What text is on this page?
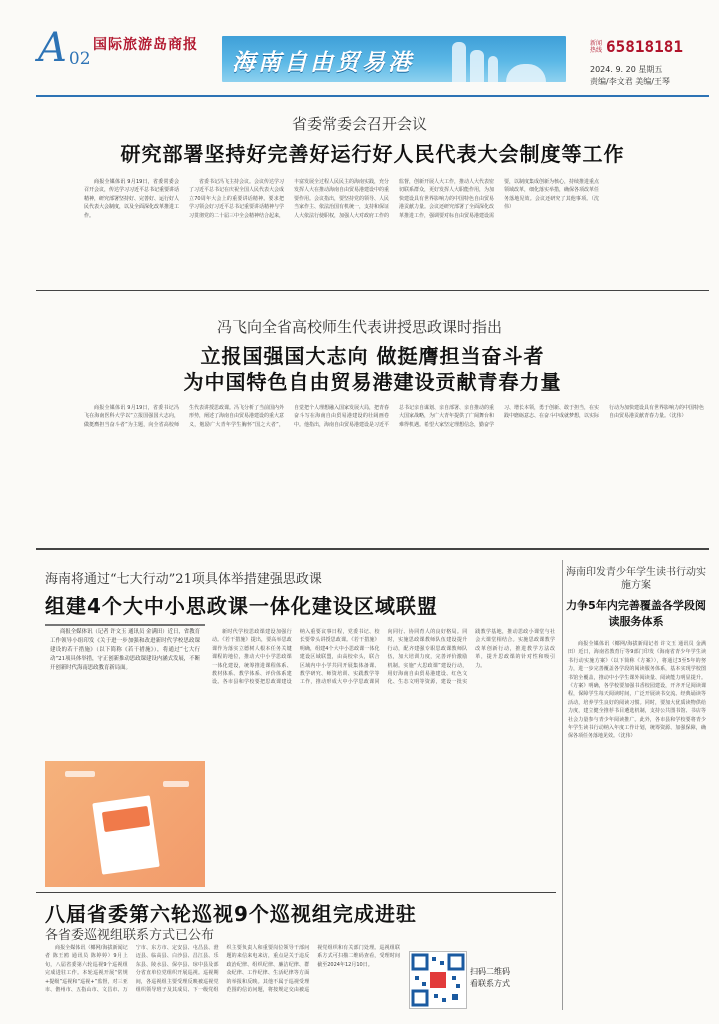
A 02
国际旅游岛商报
海南自由贸易港
新闻热线 65818181
2024. 9. 20 星期五
责编/李文君 美编/王琴
省委常委会召开会议
研究部署坚持好完善好运行好人民代表大会制度等工作

商报全媒体讯 9月19日，省委常委会召开会议，传达学习习近平总书记重要讲话精神，研究部署坚持好、完善好、运行好人民代表大会制度，以及全面深化改革推进工作。

省委书记冯飞主持会议。会议传达学习了习近平总书记在庆祝全国人民代表大会成立70周年大会上的重要讲话精神。要求把学习领会好习近平总书记重要讲话精神与学习贯彻党的二十届三中全会精神结合起来，丰富发展全过程人民民主的海南实践，充分发挥人大在推动海南自由贸易港建设中的重要作用。会议指出，要坚持党的领导、人民当家作主、依法治国有机统一，支持和保证人大依法行使职权，加强人大对政府工作的监督，创新开展人大工作，推动人大代表密切联系群众，更好发挥人大职能作用，为加快建设具有世界影响力的中国特色自由贸易港贡献力量。会议还研究部署了全面深化改革推进工作，强调要对标自由贸易港建设需要，以制度集成创新为核心，持续推进重点领域改革，细化落实举措，确保各项改革任务落地见效。会议还研究了其他事项。（沈伟）

冯飞向全省高校师生代表讲授思政课时指出
立报国强国大志向 做挺膺担当奋斗者
为中国特色自由贸易港建设贡献青春力量

商报全媒体讯 9月19日，省委书记冯飞在海南医科大学以“立报国强国大志向，做挺膺担当奋斗者”为主题，向全省高校师生代表讲授思政课。冯飞分析了当前国内外形势，阐述了海南自由贸易港建设的重大意义，勉励广大青年学生胸怀“国之大者”，自觉把个人理想融入国家发展大局，把青春奋斗写在海南自由贸易港建设的壮阔画卷中。他指出，海南自由贸易港建设是习近平总书记亲自谋划、亲自部署、亲自推动的重大国家战略，为广大青年提供了广阔舞台和难得机遇。希望大家坚定理想信念，勤奋学习、增长本领，勇于创新、敢于担当，在实践中磨砺意志、在奋斗中成就梦想，以实际行动为加快建设具有世界影响力的中国特色自由贸易港贡献青春力量。（沈伟）

海南将通过“七大行动”21项具体举措建强思政课
组建4个大中小思政课一体化建设区域联盟

商报全媒体讯（记者 许文玉 通讯员 金满田）近日，省教育工作领导小组印发《关于进一步加强和改进新时代学校思政课建设的若干措施》（以下简称《若干措施》），将通过“七大行动”21项具体举措，守正创新推动思政课建设内涵式发展，不断开创新时代海南思政教育新局面。

新时代学校思政课建设加强行动。《若干措施》提出，要高举思政课作为落实立德树人根本任务关键课程的地位，推动大中小学思政课一体化建设，统筹推进课程体系、教材体系、教学体系、评价体系建设。各市县和学校要把思政课建设纳入重要议事日程，党委书记、校长要带头讲授思政课。《若干措施》明确，组建4个大中小思政课一体化建设区域联盟，由高校牵头，联合区域内中小学共同开展集体备课、教学研究、师资培训、实践教学等工作，推动形成大中小学思政课同向同行、协同育人的良好格局。同时，实施思政课教师队伍建设提升行动，配齐建强专职思政课教师队伍，加大培训力度，完善评价激励机制。实施“大思政课”建设行动，用好海南自由贸易港建设、红色文化、生态文明等资源，建设一批实践教学基地，推动思政小课堂与社会大课堂相结合。实施思政课教学改革创新行动，推进教学方法改革，提升思政课的针对性和吸引力。

海南印发青少年学生读书行动实施方案
力争5年内完善覆盖各学段阅读服务体系

商报全媒体讯（椰网/海拔新闻记者 许文玉 通讯员 金满田）近日，海南省教育厅等9部门印发《海南省青少年学生读书行动实施方案》（以下简称《方案》），将通过3至5年的努力，进一步完善覆盖各学段的阅读服务体系，基本实现学校图书馆全覆盖，推动中小学生课外阅读量、阅读能力明显提升。《方案》明确，各学校要加强书香校园建设，开齐开足阅读课程，保障学生每天阅读时间，广泛开展读书交流、经典诵读等活动，培养学生良好的阅读习惯。同时，要加大优质读物供给力度，建立健全推荐书目遴选机制，支持公共图书馆、书店等社会力量参与青少年阅读推广。此外，各市县和学校要将青少年学生读书行动纳入年度工作计划，统筹资源、加强保障，确保各项任务落地见效。（沈伟）

八届省委第六轮巡视9个巡视组完成进驻
各省委巡视组联系方式已公布

商报全媒体讯（椰网/海拔新闻记者 陈王鸥 通讯员 陈婷婷）9月上旬，八届省委第六轮巡视9个巡视组完成进驻工作。本轮巡视开展“常规+提级”巡视和“巡视+”监督，对三亚市、儋州市、五指山市、文昌市、万宁市、东方市、定安县、屯昌县、澄迈县、临高县、白沙县、昌江县、乐东县、陵水县、保亭县、琼中县及部分省直单位党组织开展巡视。巡视期间，各巡视组主要受理反映被巡视党组织领导班子及其成员、下一级党组织主要负责人和重要岗位领导干部问题的来信来电来访，重点是关于违反政治纪律、组织纪律、廉洁纪律、群众纪律、工作纪律、生活纪律等方面的举报和反映。其他不属于巡视受理范围的信访问题，将按规定交由被巡视党组织和有关部门处理。巡视组联系方式可扫描二维码查看，受理时间截至2024年12月10日。

扫码二维码
看联系方式
